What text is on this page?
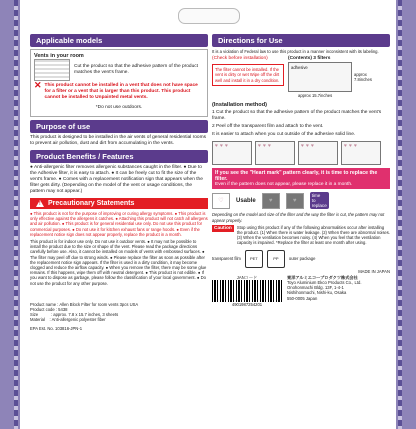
Applicable models
Vents in your room
Cut the product so that the adhesive pattern of the product matches the vent's frame.
✕ This product cannot be installed in a vent that does not have space for a filter or a vent that is larger than this product. This product cannot be installed to Unpainted metal vents.
*Do not use outdoors.
Purpose of use
This product is designed to be installed in the air vents of general residential rooms to prevent air pollution, dust and dirt from accumulating in the vents.
Product Benefits / Features
● Anti-allergenic filter removes allergenic substances caught in the filter. ● Due to the Adhesive filter, it is easy to attach. ● It can be freely cut to fit the size of the vent's frame. ● Comes with a replacement notification sign that appears when the filter gets dirty. (Depending on the model of the vent or usage conditions, the pattern may not appear.)
!
Precautionary Statements
● This product is not for the purpose of improving or curing allergy symptoms. ● This product is only effective against the allergens it catches. ● Attaching this product will not catch all allergens and air pollution. ● This product is for general residential use only. Do not use this product for commercial purposes. ● Do not use it for kitchen exhaust fans or range hoods. ● Even if the replacement notice sign does not appear properly, replace the product in a month.
This product is for indoor use only. Do not use it outdoor vents. ● It may not be possible to install the product due to the size or shape of the vent. Please read the package directions carefully before use. Also, it cannot be installed on models of vents with embossed surfaces. ● The filter may peel off due to strong winds. ● Please replace the filter as soon as possible after the replacement notice sign appears. If the filter is used in a dirty condition, it may become clogged and reduce the airflow capacity. ● When you remove the filter, there may be some glue remains. If this happens, wipe them off with neutral detergent. ● This product is not edible. ● If you want to dispose as garbage, please follow the classification of your local government. ● Do not use the product for any other purpose.
Product name : Allen Block Filter for room vents 3pcs USA
Product code : 5438
Size           : approx. 7.8 x 15.7 inches, 3 sheets
Material    : Anti-allergenic polyester fiber
EPA Est. No. 103816-JPN-1
Directions for Use
It is a violation of Federal law to use this product in a manner inconsistent with its labeling.
(Check before installation)
The filter cannot be installed. If the vent is dirty or wet Wipe off the dirt well and install it in a dry condition.
(Contents) 3 filters
adhesive
approx 7.8inches
approx 15.7inches
(Installation method)
1 Cut the product so that the adhesive pattern of the product matches the vent's frame.
2 Peel off the transparent film and attach to the vent.
It is easier to attach when you cut outside of the adhesive solid line.
♥ ♥ ♥	♥ ♥ ♥	♥ ♥ ♥	♥ ♥ ♥
If you see the "Heart mark" pattern clearly, it is time to replace the filter.
Even if the pattern does not appear, please replace it in a month.
♡	Usable	♥	♥
time
to
replace
Depending on the model and size of the filter and the way the filter is cut, the pattern may not appear properly.
Caution	Stop using this product if any of the following abnormalities occur after installing the product. (1) When there is water leakage. (2) When there are abnormal noises. (3) When the ventilation becomes noisy. (4) When you feel that the ventilation capacity is impaired. *Replace the filter at least one month after using.
transparent film PET	PP outer package
MADE IN JAPAN
JANコード
4901987254201
東洋アルミエコープロダクツ株式会社
Toyo Aluminium Ekco Products Co., Ltd.
Onohonmachi Bldg. 13F, 1-4-1
Nishihonmachi, Nishi-ku, Osaka
550-0005 Japan
